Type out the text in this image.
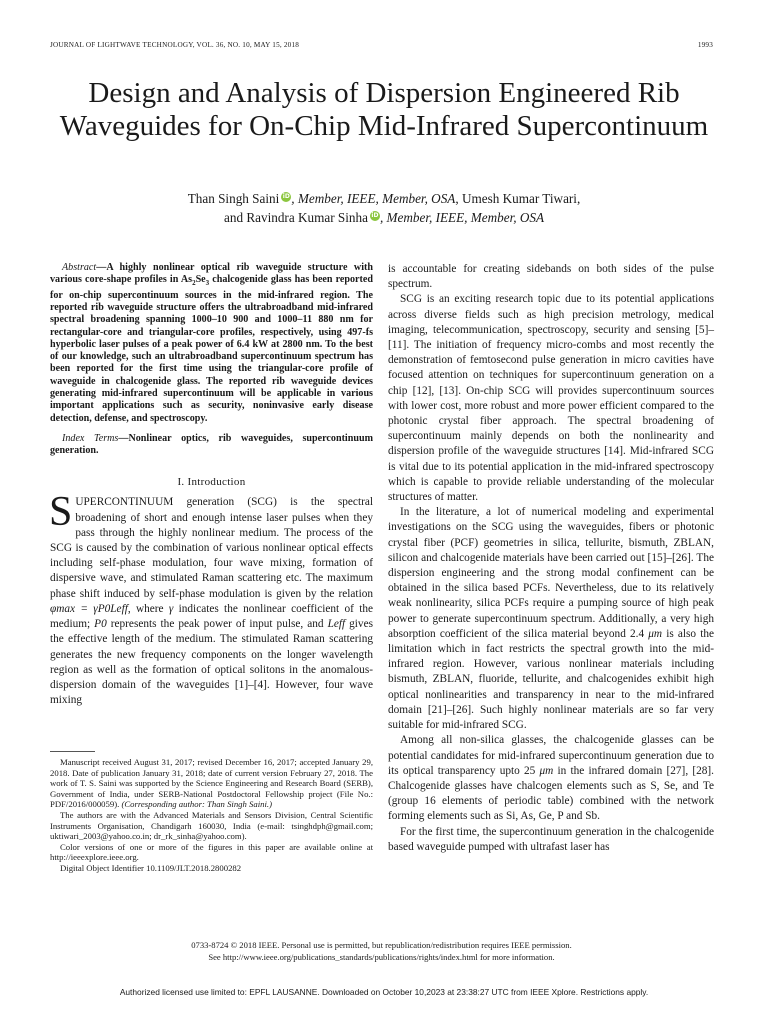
JOURNAL OF LIGHTWAVE TECHNOLOGY, VOL. 36, NO. 10, MAY 15, 2018	1993
Design and Analysis of Dispersion Engineered Rib Waveguides for On-Chip Mid-Infrared Supercontinuum
Than Singh Saini iD, Member, IEEE, Member, OSA, Umesh Kumar Tiwari,
and Ravindra Kumar Sinha iD, Member, IEEE, Member, OSA

Abstract—A highly nonlinear optical rib waveguide structure with various core-shape profiles in $As_2Se_3$ chalcogenide glass has been reported for on-chip supercontinuum sources in the mid-infrared region. The reported rib waveguide structure offers the ultrabroadband mid-infrared spectral broadening spanning 1000–10 900 and 1000–11 880 nm for rectangular-core and triangular-core profiles, respectively, using 497-fs hyperbolic laser pulses of a peak power of 6.4 kW at 2800 nm. To the best of our knowledge, such an ultrabroadband supercontinuum spectrum has been reported for the first time using the triangular-core profile of waveguide in chalcogenide glass. The reported rib waveguide devices generating mid-infrared supercontinuum will be applicable in various important applications such as security, noninvasive early disease detection, defense, and spectroscopy.

Index Terms—Nonlinear optics, rib waveguides, supercontinuum generation.

I. Introduction

SUPERCONTINUUM generation (SCG) is the spectral broadening of short and enough intense laser pulses when they pass through the highly nonlinear medium. The process of the SCG is caused by the combination of various nonlinear optical effects including self-phase modulation, four wave mixing, formation of dispersive wave, and stimulated Raman scattering etc. The maximum phase shift induced by self-phase modulation is given by the relation φmax = γP0Leff, where γ indicates the nonlinear coefficient of the medium; P0 represents the peak power of input pulse, and Leff gives the effective length of the medium. The stimulated Raman scattering generates the new frequency components on the longer wavelength region as well as the formation of optical solitons in the anomalous-dispersion domain of the waveguides [1]–[4]. However, four wave mixing

Manuscript received August 31, 2017; revised December 16, 2017; accepted January 29, 2018. Date of publication January 31, 2018; date of current version February 27, 2018. The work of T. S. Saini was supported by the Science Engineering and Research Board (SERB), Government of India, under SERB-National Postdoctoral Fellowship project (File No.: PDF/2016/000059). (Corresponding author: Than Singh Saini.)

The authors are with the Advanced Materials and Sensors Division, Central Scientific Instruments Organisation, Chandigarh 160030, India (e-mail: tsinghdph@gmail.com; uktiwari_2003@yahoo.co.in; dr_rk_sinha@yahoo.com).

Color versions of one or more of the figures in this paper are available online at http://ieeexplore.ieee.org.

Digital Object Identifier 10.1109/JLT.2018.2800282

is accountable for creating sidebands on both sides of the pulse spectrum.

SCG is an exciting research topic due to its potential applications across diverse fields such as high precision metrology, medical imaging, telecommunication, spectroscopy, security and sensing [5]–[11]. The initiation of frequency micro-combs and most recently the demonstration of femtosecond pulse generation in micro cavities have focused attention on techniques for supercontinuum generation on a chip [12], [13]. On-chip SCG will provides supercontinuum sources with lower cost, more robust and more power efficient compared to the photonic crystal fiber approach. The spectral broadening of supercontinuum mainly depends on both the nonlinearity and dispersion profile of the waveguide structures [14]. Mid-infrared SCG is vital due to its potential application in the mid-infrared spectroscopy which is capable to provide reliable understanding of the molecular structures of matter.

In the literature, a lot of numerical modeling and experimental investigations on the SCG using the waveguides, fibers or photonic crystal fiber (PCF) geometries in silica, tellurite, bismuth, ZBLAN, silicon and chalcogenide materials have been carried out [15]–[26]. The dispersion engineering and the strong modal confinement can be obtained in the silica based PCFs. Nevertheless, due to its relatively weak nonlinearity, silica PCFs require a pumping source of high peak power to generate supercontinuum spectrum. Additionally, a very high absorption coefficient of the silica material beyond 2.4 μm is also the limitation which in fact restricts the spectral growth into the mid-infrared region. However, various nonlinear materials including bismuth, ZBLAN, fluoride, tellurite, and chalcogenides exhibit high optical nonlinearities and transparency in near to the mid-infrared domain [21]–[26]. Such highly nonlinear materials are so far very suitable for mid-infrared SCG.

Among all non-silica glasses, the chalcogenide glasses can be potential candidates for mid-infrared supercontinuum generation due to its optical transparency upto 25 μm in the infrared domain [27], [28]. Chalcogenide glasses have chalcogen elements such as S, Se, and Te (group 16 elements of periodic table) combined with the network forming elements such as Si, As, Ge, P and Sb.

For the first time, the supercontinuum generation in the chalcogenide based waveguide pumped with ultrafast laser has

0733-8724 © 2018 IEEE. Personal use is permitted, but republication/redistribution requires IEEE permission.
See http://www.ieee.org/publications_standards/publications/rights/index.html for more information.
Authorized licensed use limited to: EPFL LAUSANNE. Downloaded on October 10,2023 at 23:38:27 UTC from IEEE Xplore. Restrictions apply.
